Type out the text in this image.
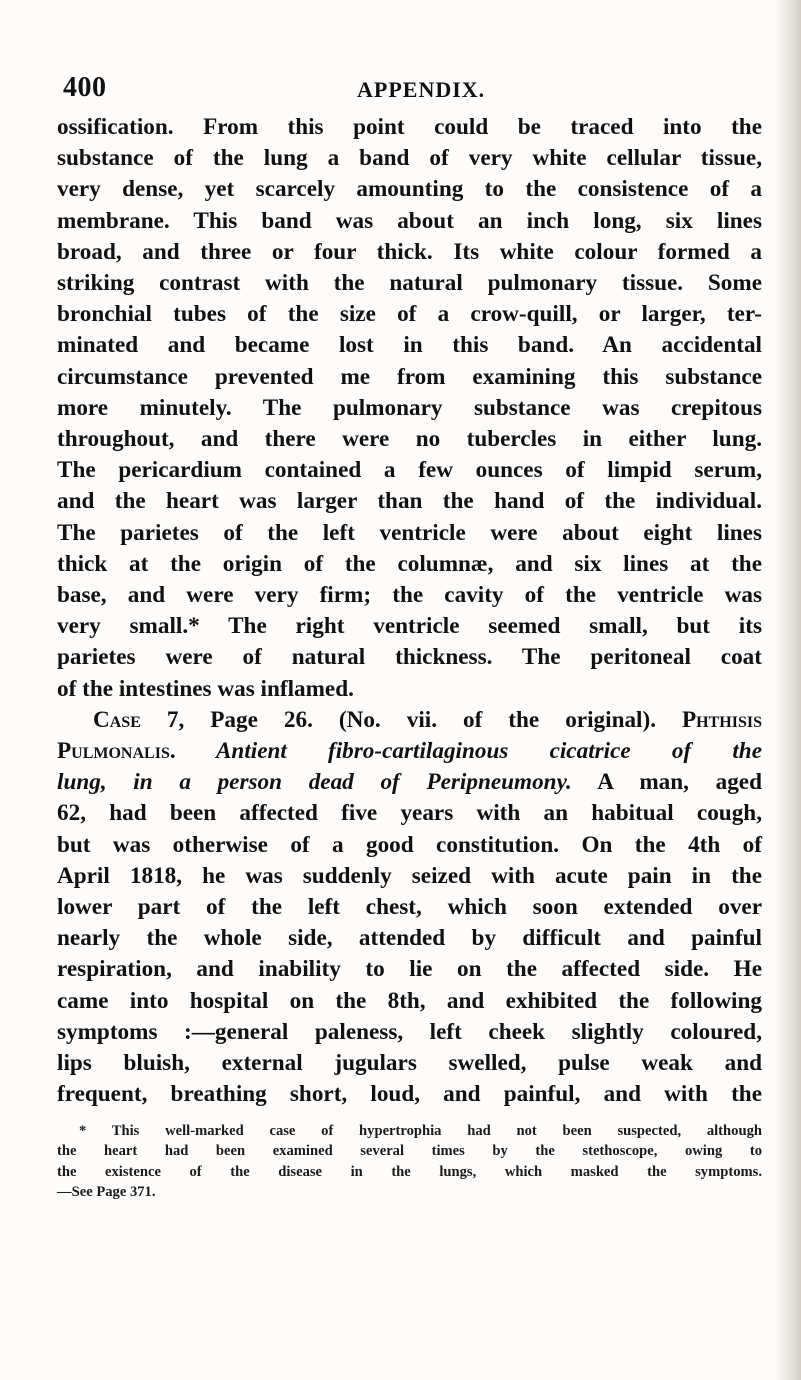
400	APPENDIX.
ossification. From this point could be traced into the
substance of the lung a band of very white cellular tissue,
very dense, yet scarcely amounting to the consistence of a
membrane. This band was about an inch long, six lines
broad, and three or four thick. Its white colour formed a
striking contrast with the natural pulmonary tissue. Some
bronchial tubes of the size of a crow-quill, or larger, ter-
minated and became lost in this band. An accidental
circumstance prevented me from examining this substance
more minutely. The pulmonary substance was crepitous
throughout, and there were no tubercles in either lung.
The pericardium contained a few ounces of limpid serum,
and the heart was larger than the hand of the individual.
The parietes of the left ventricle were about eight lines
thick at the origin of the columnæ, and six lines at the
base, and were very firm; the cavity of the ventricle was
very small.* The right ventricle seemed small, but its
parietes were of natural thickness. The peritoneal coat
of the intestines was inflamed.
Case 7, Page 26. (No. vii. of the original). Phthisis
Pulmonalis. Antient fibro-cartilaginous cicatrice of the
lung, in a person dead of Peripneumony. A man, aged
62, had been affected five years with an habitual cough,
but was otherwise of a good constitution. On the 4th of
April 1818, he was suddenly seized with acute pain in the
lower part of the left chest, which soon extended over
nearly the whole side, attended by difficult and painful
respiration, and inability to lie on the affected side. He
came into hospital on the 8th, and exhibited the following
symptoms :—general paleness, left cheek slightly coloured,
lips bluish, external jugulars swelled, pulse weak and
frequent, breathing short, loud, and painful, and with the
* This well-marked case of hypertrophia had not been suspected, although
the heart had been examined several times by the stethoscope, owing to
the existence of the disease in the lungs, which masked the symptoms.
—See Page 371.
